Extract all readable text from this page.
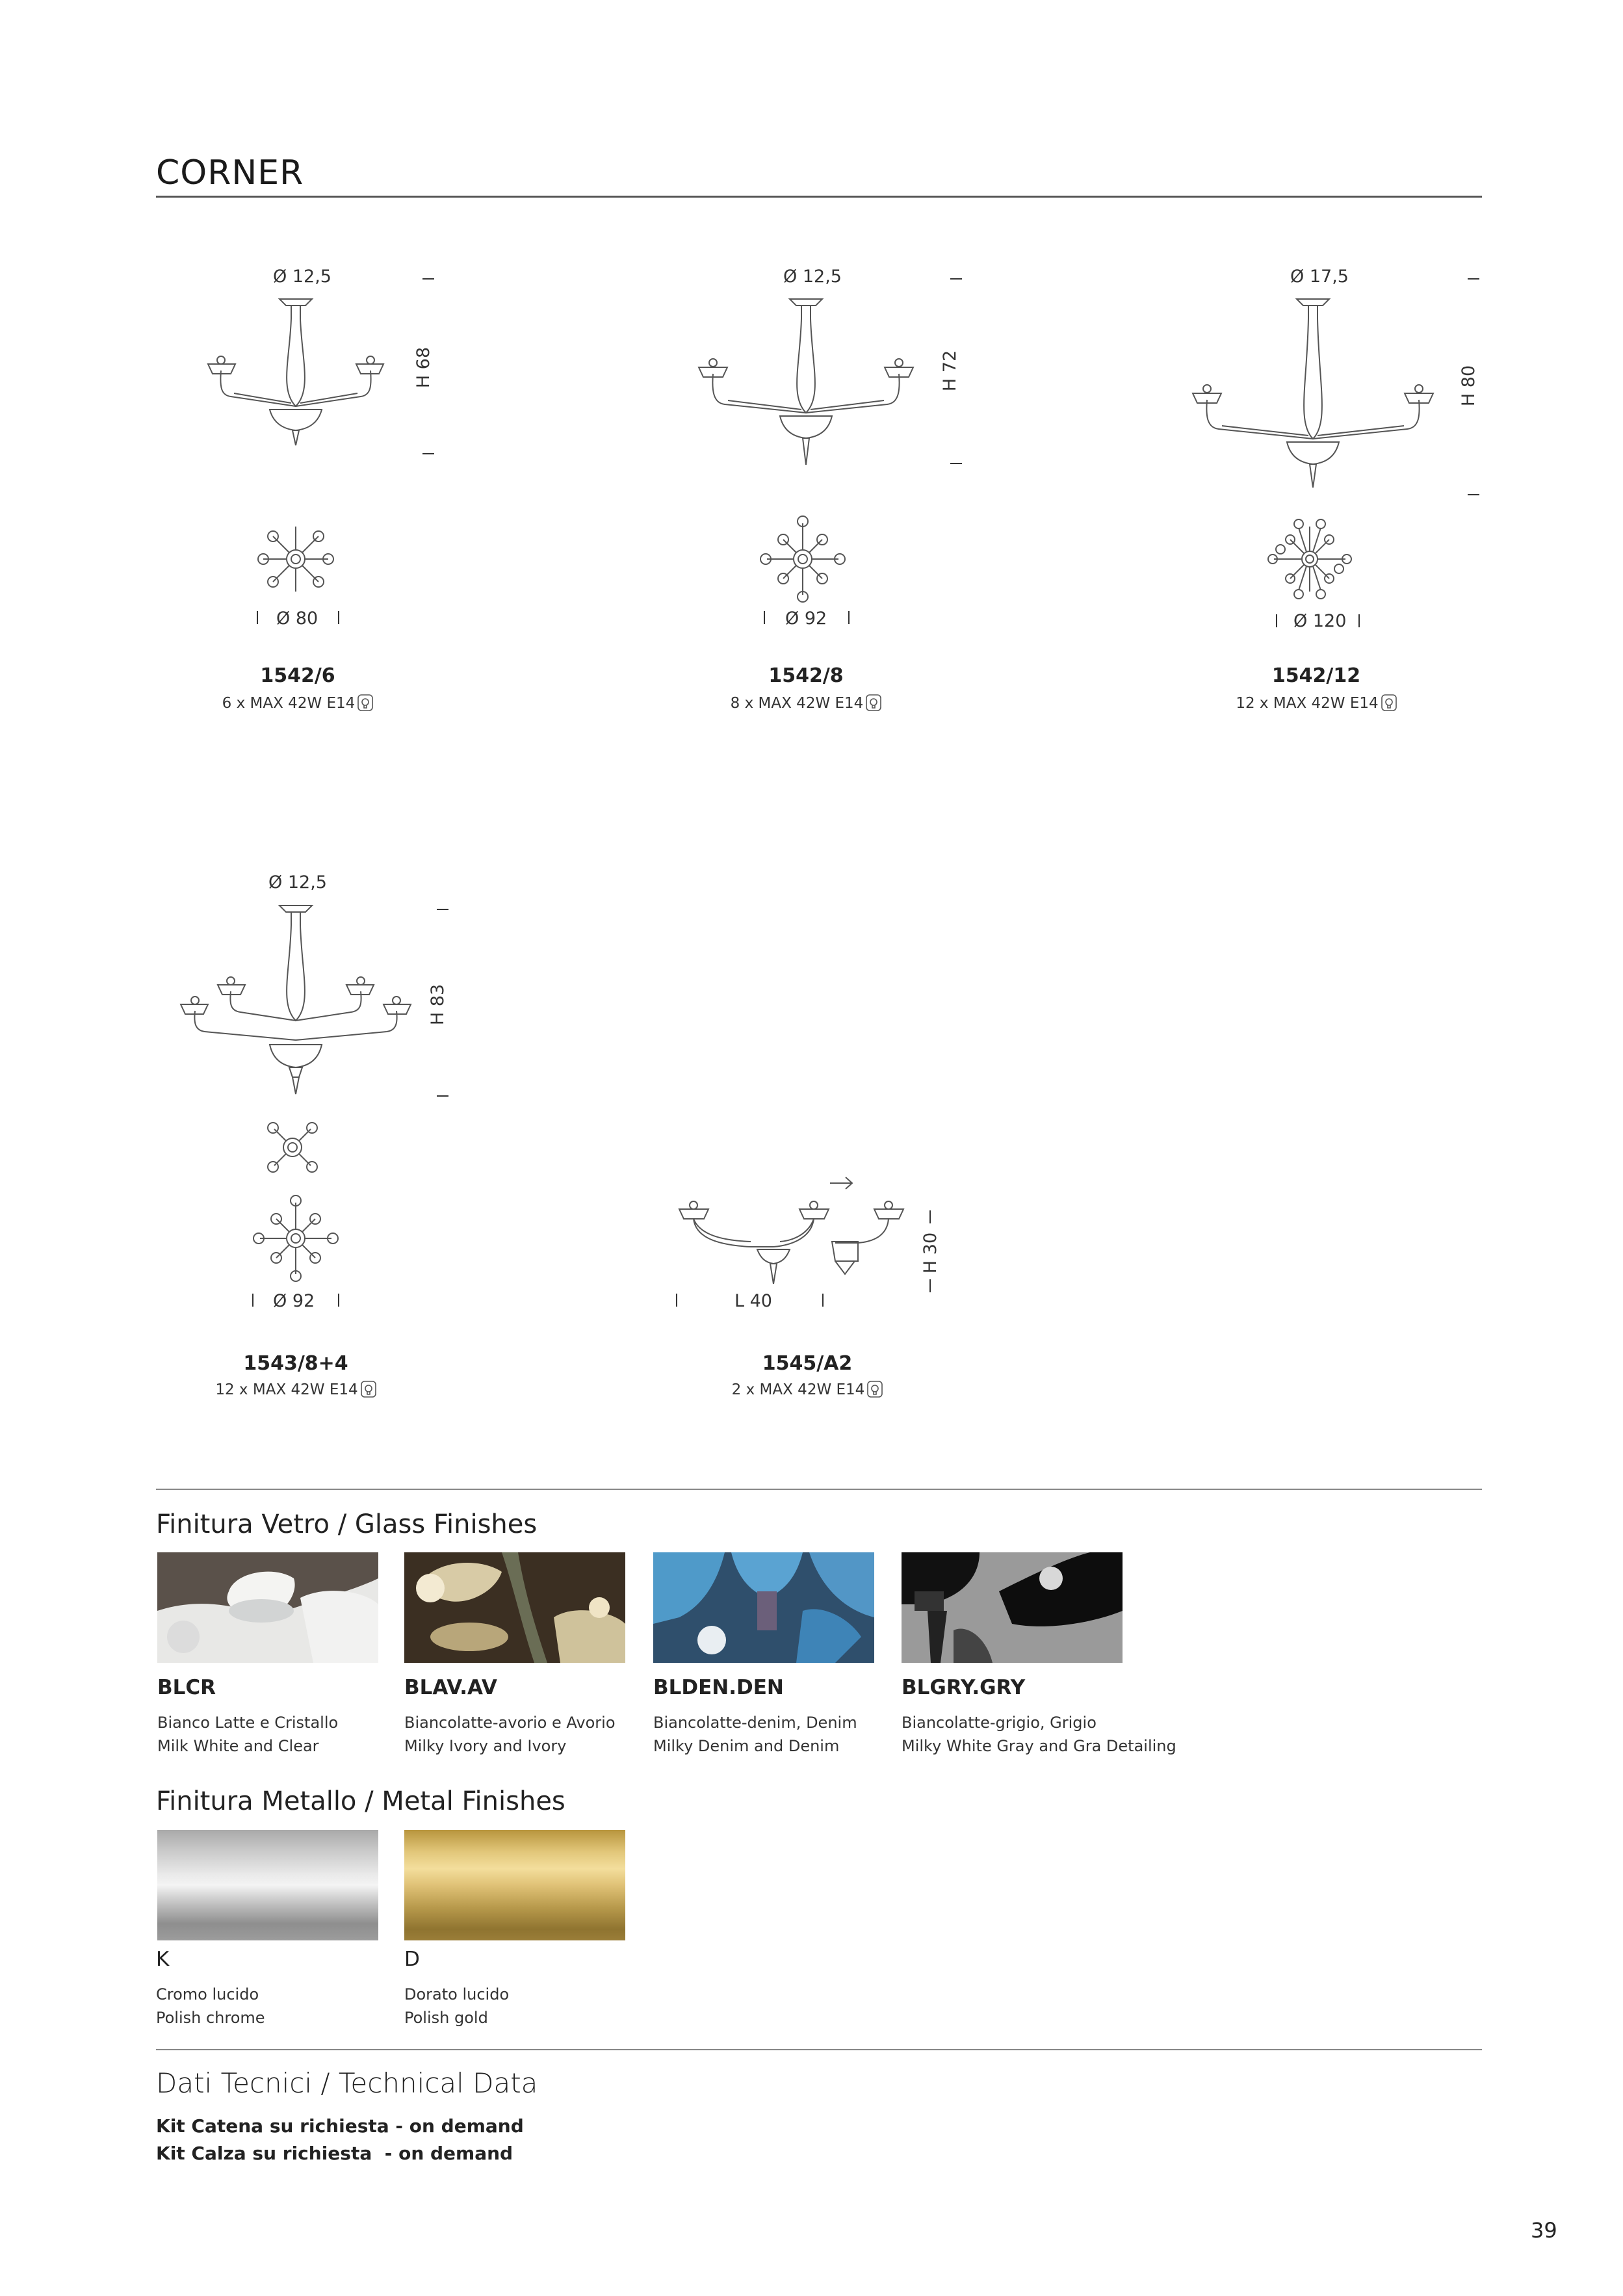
CORNER
Ø 12,5
H 68
Ø 80
1542/6
6 x MAX 42W E14
Ø 12,5
H 72
Ø 92
1542/8
8 x MAX 42W E14
Ø 17,5
H 80
Ø 120
1542/12
12 x MAX 42W E14
Ø 12,5
H 83
Ø 92
1543/8+4
12 x MAX 42W E14
H 30
L 40
1545/A2
2 x MAX 42W E14
Finitura Vetro / Glass Finishes
BLCR
Bianco Latte e Cristallo
Milk White and Clear
BLAV.AV
Biancolatte-avorio e Avorio
Milky Ivory and Ivory
BLDEN.DEN
Biancolatte-denim, Denim
Milky Denim and Denim
BLGRY.GRY
Biancolatte-grigio, Grigio
Milky White Gray and Gra Detailing
Finitura Metallo / Metal Finishes
K
Cromo lucido
Polish chrome
D
Dorato lucido
Polish gold
Dati Tecnici / Technical Data
Kit Catena su richiesta - on demand
Kit Calza su richiesta  - on demand
39
